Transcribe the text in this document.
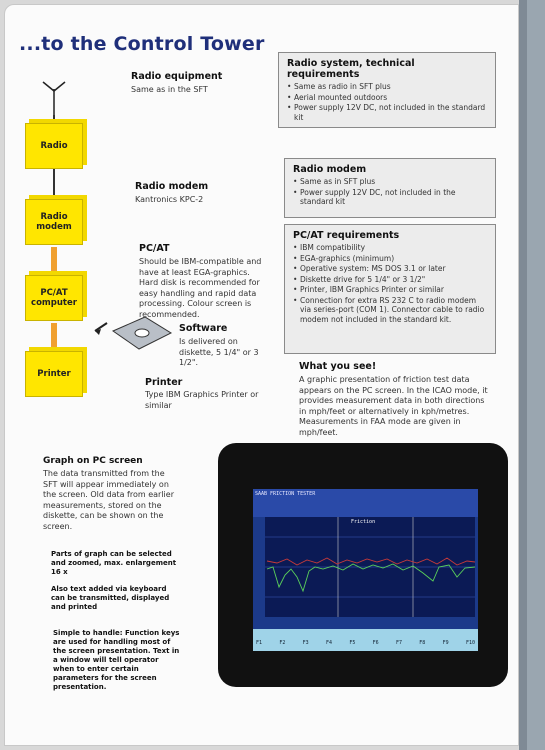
...to the Control Tower
Radio
Radio modem
PC/AT computer
Printer
Radio equipment
Same as in the SFT
Radio modem
Kantronics KPC-2
PC/AT
Should be IBM-compatible and have at least EGA-graphics. Hard disk is recommended for easy handling and rapid data processing. Colour screen is recommended.
Software
Is delivered on diskette, 5 1/4" or 3 1/2".
Printer
Type IBM Graphics Printer or similar
Radio system, technical requirements
• Same as radio in SFT plus
• Aerial mounted outdoors
• Power supply 12V DC, not included in the standard kit
Radio modem
• Same as in SFT plus
• Power supply 12V DC, not included in the standard kit
PC/AT requirements
• IBM compatibility
• EGA-graphics (minimum)
• Operative system: MS DOS 3.1 or later
• Diskette drive for 5 1/4" or 3 1/2"
• Printer, IBM Graphics Printer or similar
• Connection for extra RS 232 C to radio modem via series-port (COM 1). Connector cable to radio modem not included in the standard kit.
What you see!
A graphic presentation of friction test data appears on the PC screen. In the ICAO mode, it provides measurement data in both directions in mph/feet or alternatively in kph/metres. Measurements in FAA mode are given in mph/feet.
Graph on PC screen
The data transmitted from the SFT will appear immediately on the screen. Old data from earlier measurements, stored on the diskette, can be shown on the screen.
Parts of graph can be selected and zoomed, max. enlargement 16 x
Also text added via keyboard can be transmitted, displayed and printed
Simple to handle: Function keys are used for handling most of the screen presentation. Text in a window will tell operator when to enter certain parameters for the screen presentation.
SAAB FRICTION TESTER
F1	F2	F3	F4	F5	F6	F7	F8	F9	F10
Friction
